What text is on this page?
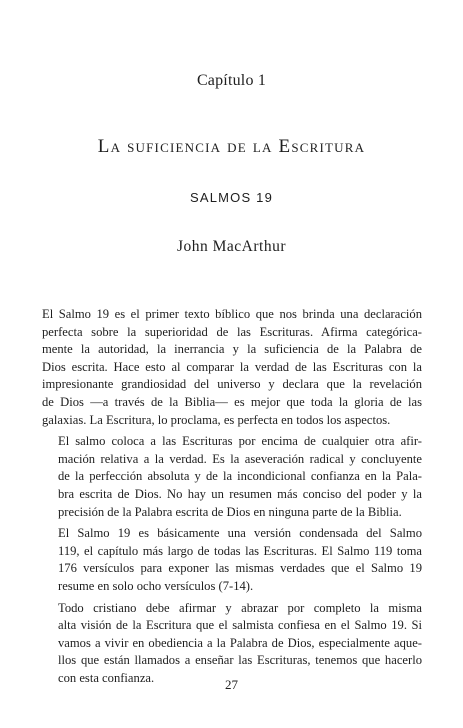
Capítulo 1
La suficiencia de la Escritura
SALMOS 19
John MacArthur

El Salmo 19 es el primer texto bíblico que nos brinda una declaración
perfecta sobre la superioridad de las Escrituras. Afirma categórica-
mente la autoridad, la inerrancia y la suficiencia de la Palabra de
Dios escrita. Hace esto al comparar la verdad de las Escrituras con la
impresionante grandiosidad del universo y declara que la revelación
de Dios —a través de la Biblia— es mejor que toda la gloria de las
galaxias. La Escritura, lo proclama, es perfecta en todos los aspectos.

El salmo coloca a las Escrituras por encima de cualquier otra afir-
mación relativa a la verdad. Es la aseveración radical y concluyente
de la perfección absoluta y de la incondicional confianza en la Pala-
bra escrita de Dios. No hay un resumen más conciso del poder y la
precisión de la Palabra escrita de Dios en ninguna parte de la Biblia.

El Salmo 19 es básicamente una versión condensada del Salmo
119, el capítulo más largo de todas las Escrituras. El Salmo 119 toma
176 versículos para exponer las mismas verdades que el Salmo 19
resume en solo ocho versículos (7-14).

Todo cristiano debe afirmar y abrazar por completo la misma
alta visión de la Escritura que el salmista confiesa en el Salmo 19. Si
vamos a vivir en obediencia a la Palabra de Dios, especialmente aque-
llos que están llamados a enseñar las Escrituras, tenemos que hacerlo
con esta confianza.	27
